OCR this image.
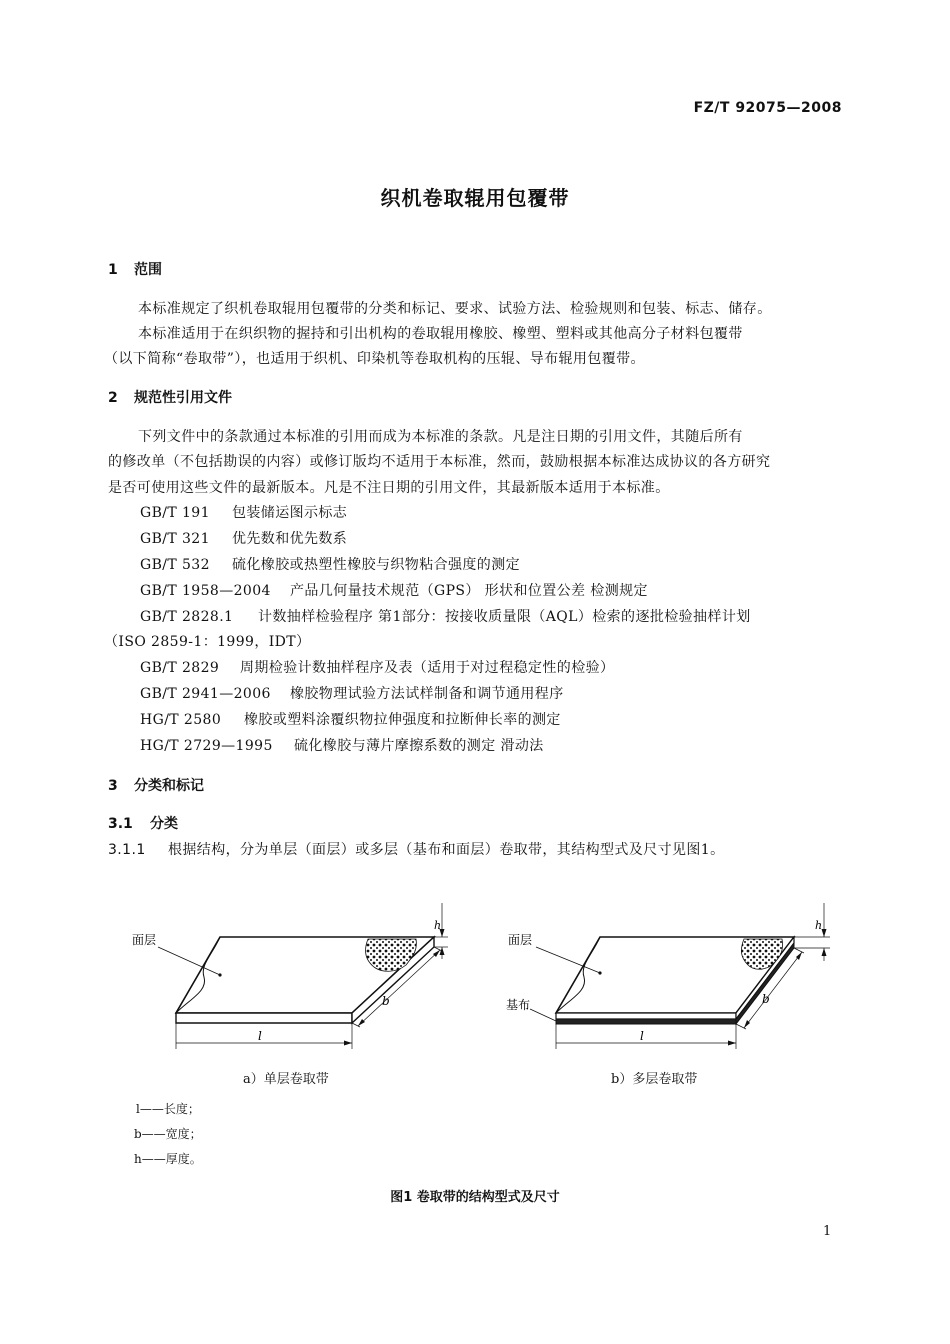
FZ/T 92075—2008
织机卷取辊用包覆带
1 范围
本标准规定了织机卷取辊用包覆带的分类和标记、要求、试验方法、检验规则和包装、标志、储存。
本标准适用于在织织物的握持和引出机构的卷取辊用橡胶、橡塑、塑料或其他高分子材料包覆带
（以下简称“卷取带”），也适用于织机、印染机等卷取机构的压辊、导布辊用包覆带。
2 规范性引用文件
下列文件中的条款通过本标准的引用而成为本标准的条款。凡是注日期的引用文件，其随后所有
的修改单（不包括勘误的内容）或修订版均不适用于本标准，然而，鼓励根据本标准达成协议的各方研究
是否可使用这些文件的最新版本。凡是不注日期的引用文件，其最新版本适用于本标准。
GB/T 191 包装储运图示标志
GB/T 321 优先数和优先数系
GB/T 532 硫化橡胶或热塑性橡胶与织物粘合强度的测定
GB/T 1958—2004 产品几何量技术规范（GPS） 形状和位置公差 检测规定
GB/T 2828.1 计数抽样检验程序 第1部分：按接收质量限（AQL）检索的逐批检验抽样计划
（ISO 2859-1：1999，IDT）
GB/T 2829 周期检验计数抽样程序及表（适用于对过程稳定性的检验）
GB/T 2941—2006 橡胶物理试验方法试样制备和调节通用程序
HG/T 2580 橡胶或塑料涂覆织物拉伸强度和拉断伸长率的测定
HG/T 2729—1995 硫化橡胶与薄片摩擦系数的测定 滑动法
3 分类和标记
3.1 分类
3.1.1 根据结构，分为单层（面层）或多层（基布和面层）卷取带，其结构型式及尺寸见图1。
面层
l
b
h
面层
基布
l
b
h
a）单层卷取带	b）多层卷取带
l——长度；
b——宽度；
h——厚度。
图1 卷取带的结构型式及尺寸
1
